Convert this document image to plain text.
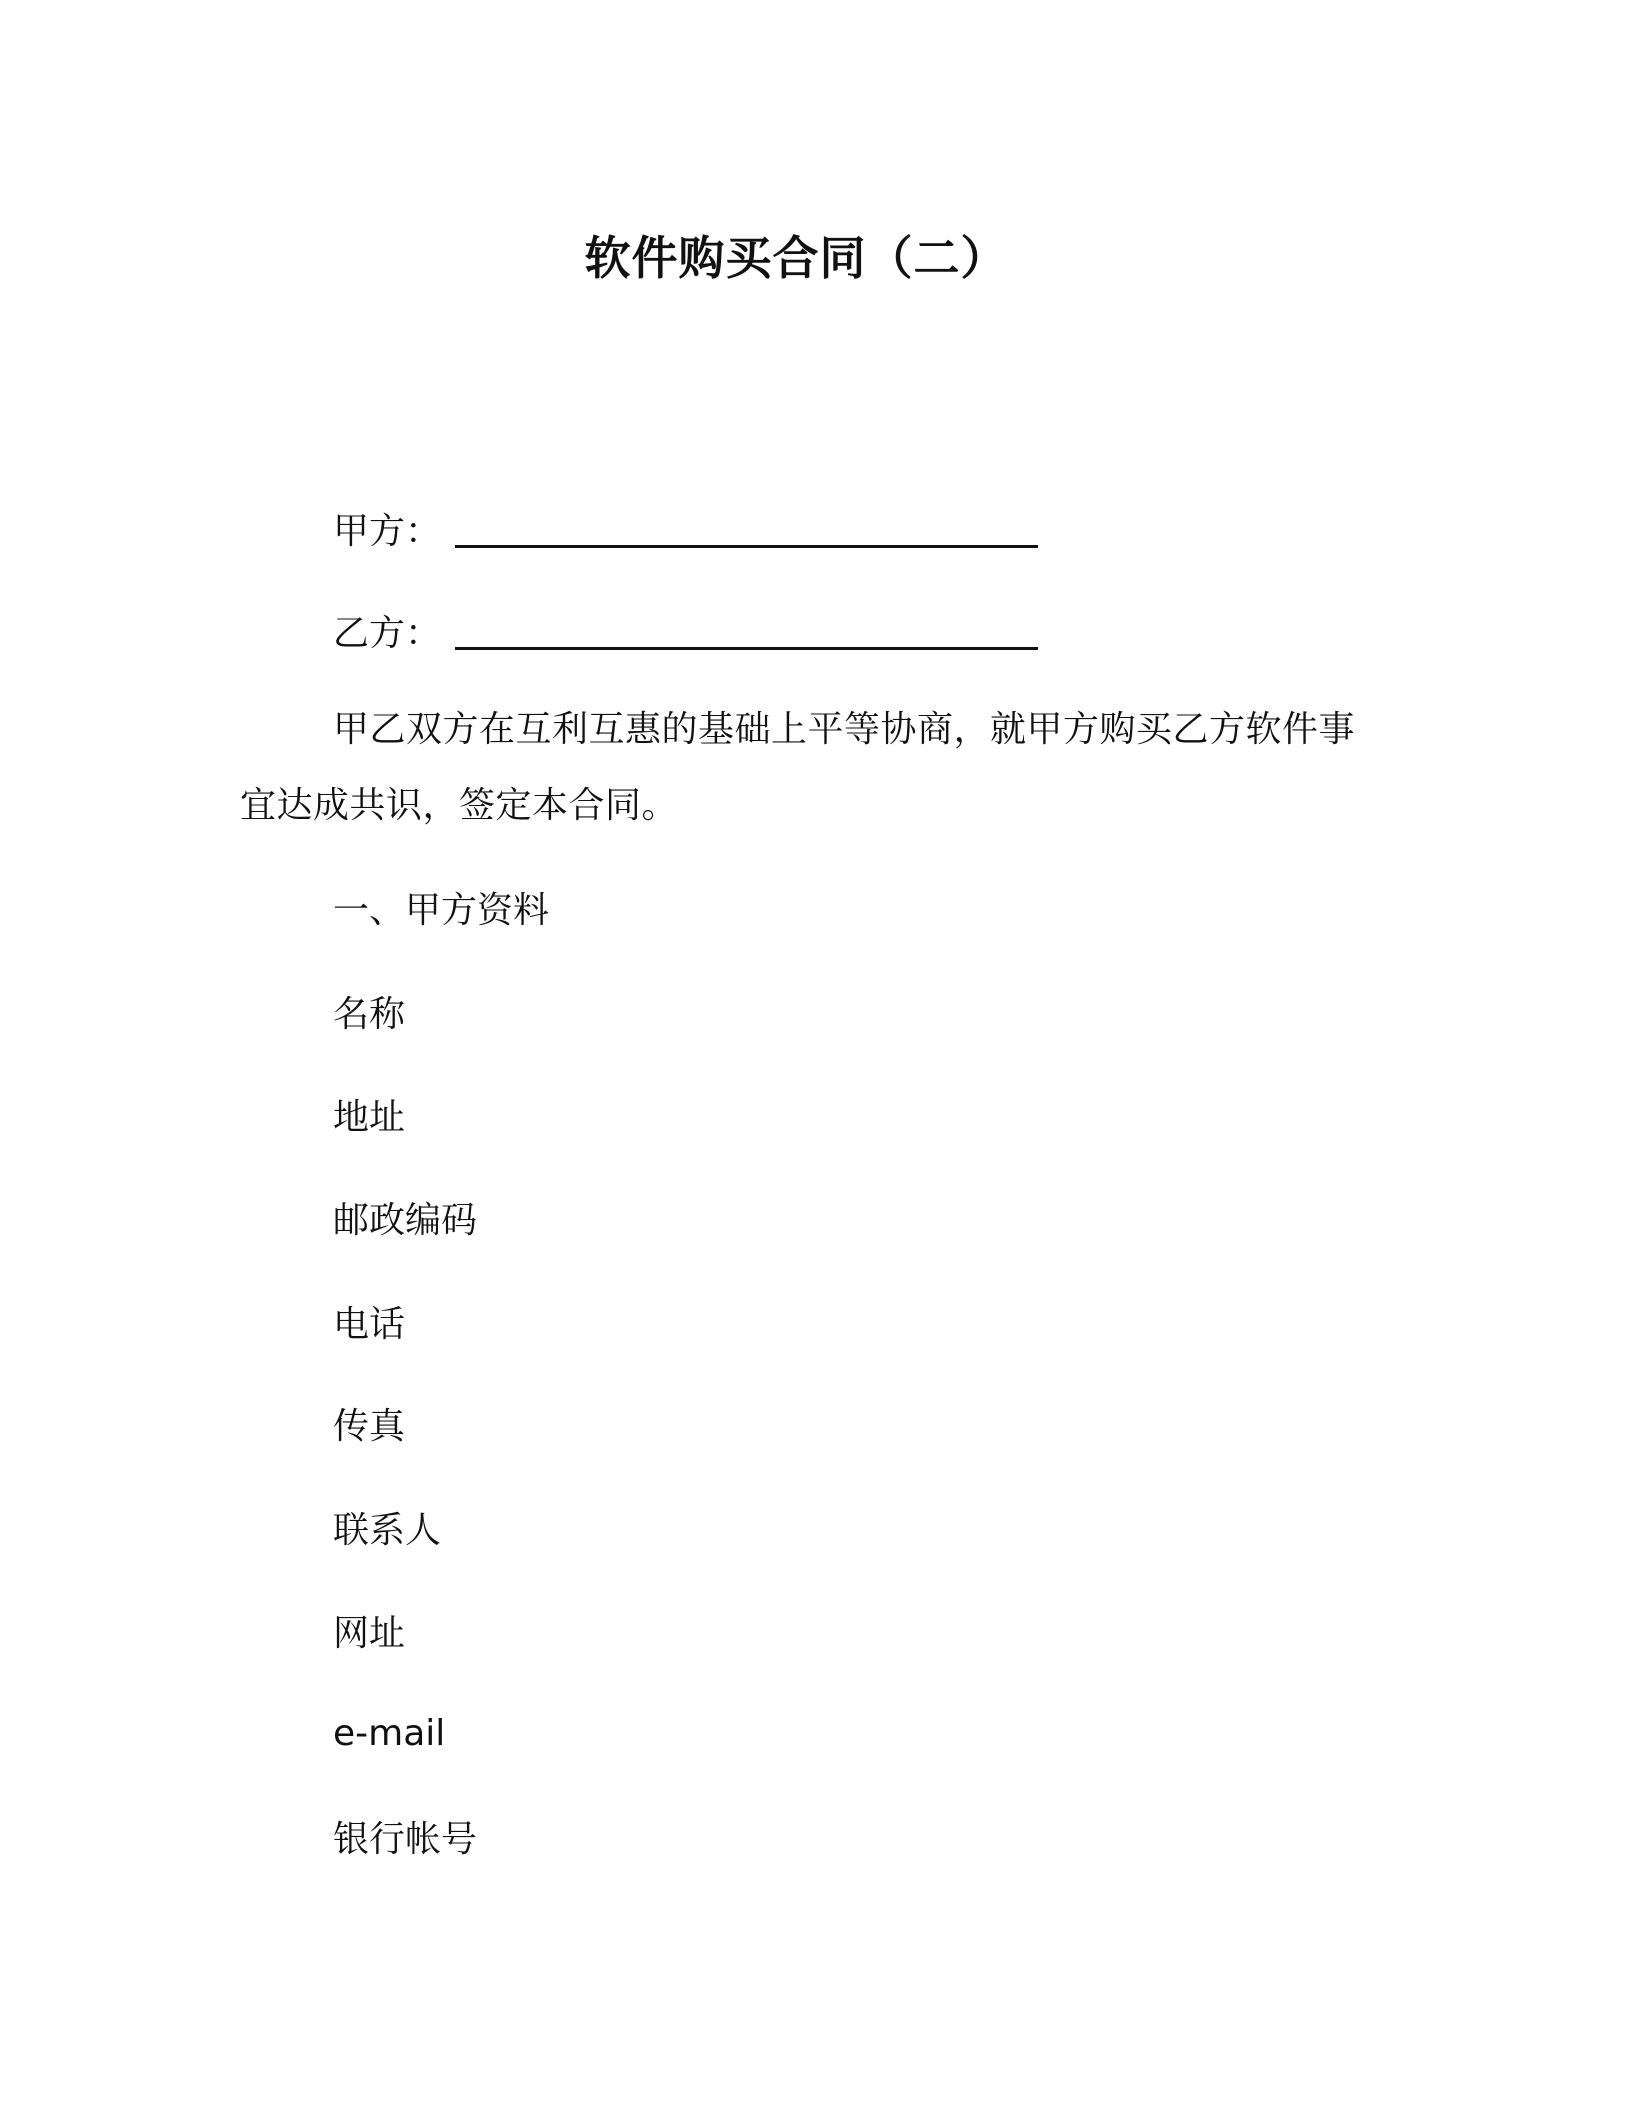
软件购买合同（二）
甲方：
乙方：

甲乙双方在互利互惠的基础上平等协商，就甲方购买乙方软件事宜达成共识，签定本合同。

一、甲方资料

名称

地址

邮政编码

电话

传真

联系人

网址

e-mail

银行帐号
